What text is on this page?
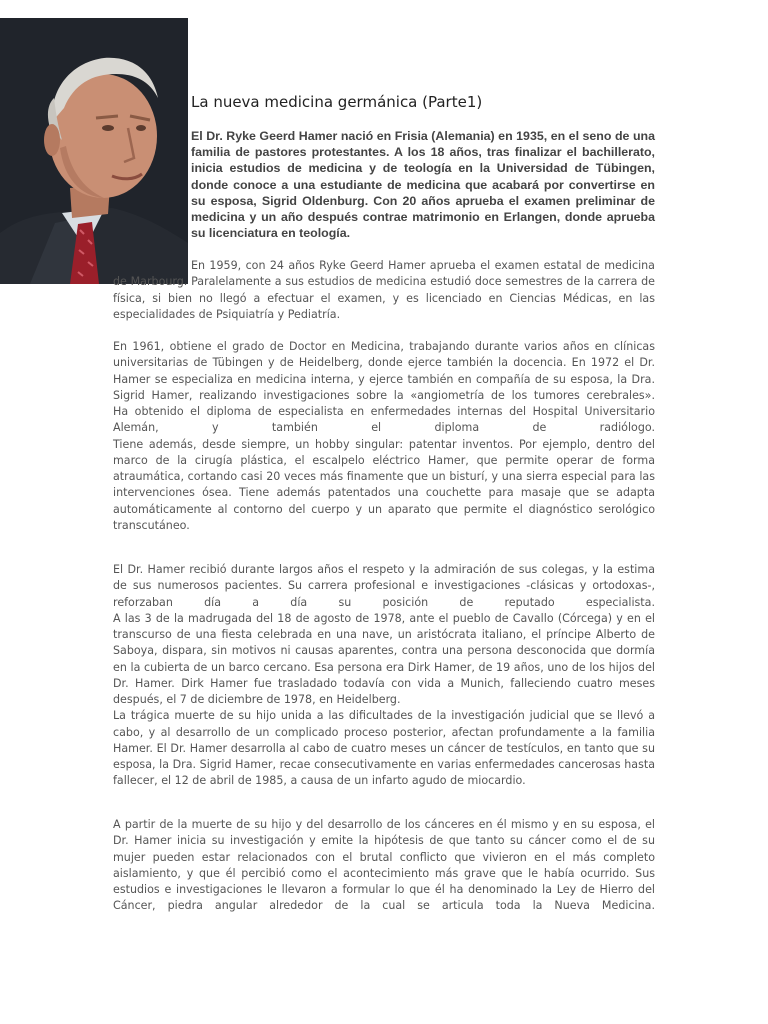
La nueva medicina germánica (Parte1)

El Dr. Ryke Geerd Hamer nació en Frisia (Alemania) en 1935, en el seno de una familia de pastores protestantes. A los 18 años, tras finalizar el bachillerato, inicia estudios de medicina y de teología en la Universidad de Tübingen, donde conoce a una estudiante de medicina que acabará por convertirse en su esposa, Sigrid Oldenburg. Con 20 años aprueba el examen preliminar de medicina y un año después contrae matrimonio en Erlangen, donde aprueba su licenciatura en teología.

En 1959, con 24 años Ryke Geerd Hamer aprueba el examen estatal de medicina de Marbourg. Paralelamente a sus estudios de medicina estudió doce semestres de la carrera de física, si bien no llegó a efectuar el examen, y es licenciado en Ciencias Médicas, en las especialidades de Psiquiatría y Pediatría.

En 1961, obtiene el grado de Doctor en Medicina, trabajando durante varios años en clínicas universitarias de Tübingen y de Heidelberg, donde ejerce también la docencia. En 1972 el Dr. Hamer se especializa en medicina interna, y ejerce también en compañía de su esposa, la Dra. Sigrid Hamer, realizando investigaciones sobre la «angiometría de los tumores cerebrales».
Ha obtenido el diploma de especialista en enfermedades internas del Hospital Universitario Alemán, y también el diploma de radiólogo.
Tiene además, desde siempre, un hobby singular: patentar inventos. Por ejemplo, dentro del marco de la cirugía plástica, el escalpelo eléctrico Hamer, que permite operar de forma atraumática, cortando casi 20 veces más finamente que un bisturí, y una sierra especial para las intervenciones ósea. Tiene además patentados una couchette para masaje que se adapta automáticamente al contorno del cuerpo y un aparato que permite el diagnóstico serológico transcutáneo.
El Dr. Hamer recibió durante largos años el respeto y la admiración de sus colegas, y la estima de sus numerosos pacientes. Su carrera profesional e investigaciones -clásicas y ortodoxas-, reforzaban día a día su posición de reputado especialista.
A las 3 de la madrugada del 18 de agosto de 1978, ante el pueblo de Cavallo (Córcega) y en el transcurso de una fiesta celebrada en una nave, un aristócrata italiano, el príncipe Alberto de Saboya, dispara, sin motivos ni causas aparentes, contra una persona desconocida que dormía en la cubierta de un barco cercano. Esa persona era Dirk Hamer, de 19 años, uno de los hijos del Dr. Hamer. Dirk Hamer fue trasladado todavía con vida a Munich, falleciendo cuatro meses después, el 7 de diciembre de 1978, en Heidelberg.
La trágica muerte de su hijo unida a las dificultades de la investigación judicial que se llevó a cabo, y al desarrollo de un complicado proceso posterior, afectan profundamente a la familia Hamer. El Dr. Hamer desarrolla al cabo de cuatro meses un cáncer de testículos, en tanto que su esposa, la Dra. Sigrid Hamer, recae consecutivamente en varias enfermedades cancerosas hasta fallecer, el 12 de abril de 1985, a causa de un infarto agudo de miocardio.

A partir de la muerte de su hijo y del desarrollo de los cánceres en él mismo y en su esposa, el Dr. Hamer inicia su investigación y emite la hipótesis de que tanto su cáncer como el de su mujer pueden estar relacionados con el brutal conflicto que vivieron en el más completo aislamiento, y que él percibió como el acontecimiento más grave que le había ocurrido. Sus estudios e investigaciones le llevaron a formular lo que él ha denominado la Ley de Hierro del Cáncer, piedra angular alrededor de la cual se articula toda la Nueva Medicina.
